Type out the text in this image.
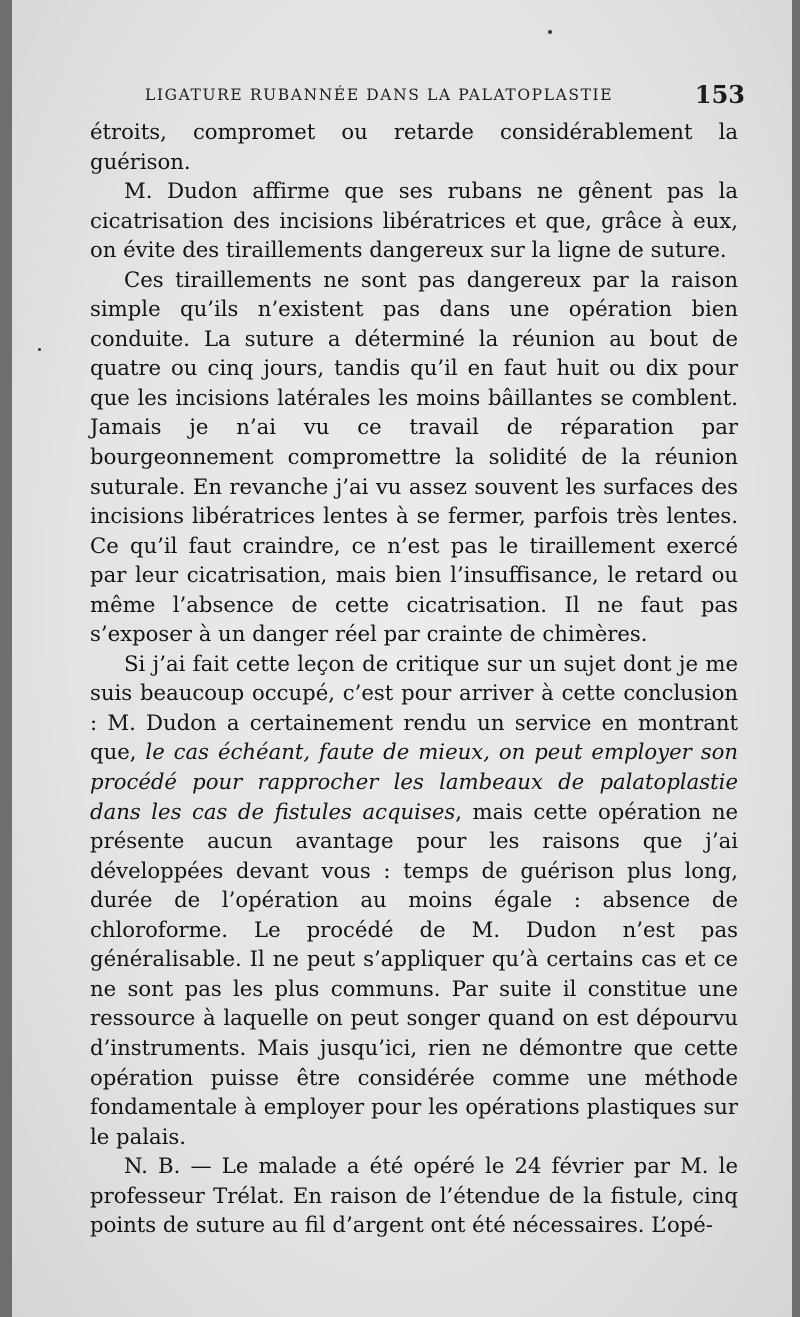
LIGATURE RUBANNÉE DANS LA PALATOPLASTIE	153

étroits, compromet ou retarde considérablement la guérison.

M. Dudon affirme que ses rubans ne gênent pas la cicatrisation des incisions libératrices et que, grâce à eux, on évite des tiraillements dangereux sur la ligne de suture.

Ces tiraillements ne sont pas dangereux par la raison simple qu’ils n’existent pas dans une opération bien conduite. La suture a déterminé la réunion au bout de quatre ou cinq jours, tandis qu’il en faut huit ou dix pour que les incisions latérales les moins bâillantes se comblent. Jamais je n’ai vu ce travail de réparation par bourgeonnement compromettre la solidité de la réunion suturale. En revanche j’ai vu assez souvent les surfaces des incisions libératrices lentes à se fermer, parfois très lentes. Ce qu’il faut craindre, ce n’est pas le tiraillement exercé par leur cicatrisation, mais bien l’insuffisance, le retard ou même l’absence de cette cicatrisation. Il ne faut pas s’exposer à un danger réel par crainte de chimères.

Si j’ai fait cette leçon de critique sur un sujet dont je me suis beaucoup occupé, c’est pour arriver à cette conclusion : M. Dudon a certainement rendu un service en montrant que, le cas échéant, faute de mieux, on peut employer son procédé pour rapprocher les lambeaux de palatoplastie dans les cas de fistules acquises, mais cette opération ne présente aucun avantage pour les raisons que j’ai développées devant vous : temps de guérison plus long, durée de l’opération au moins égale : absence de chloroforme. Le procédé de M. Dudon n’est pas généralisable. Il ne peut s’appliquer qu’à certains cas et ce ne sont pas les plus communs. Par suite il constitue une ressource à laquelle on peut songer quand on est dépourvu d’instruments. Mais jusqu’ici, rien ne démontre que cette opération puisse être considérée comme une méthode fondamentale à employer pour les opérations plastiques sur le palais.

N. B. — Le malade a été opéré le 24 février par M. le professeur Trélat. En raison de l’étendue de la fistule, cinq points de suture au fil d’argent ont été nécessaires. L’opé-
